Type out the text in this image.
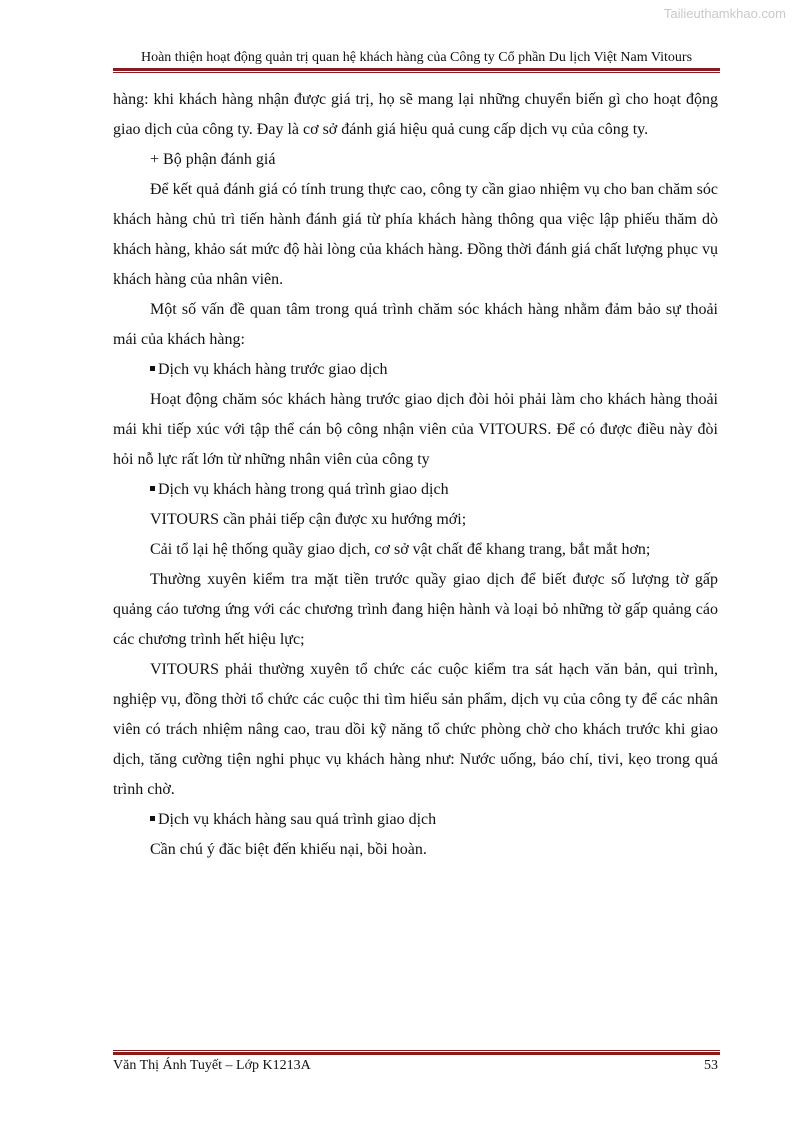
Tailieuthamkhao.com
Hoàn thiện hoạt động quản trị quan hệ khách hàng của Công ty Cổ phần Du lịch Việt Nam Vitours

hàng: khi khách hàng nhận được giá trị, họ sẽ mang lại những chuyển biến gì cho hoạt động giao dịch của công ty. Đay là cơ sở đánh giá hiệu quả cung cấp dịch vụ của công ty.

+ Bộ phận đánh giá

Để kết quả đánh giá có tính trung thực cao, công ty cần giao nhiệm vụ cho ban chăm sóc khách hàng chủ trì tiến hành đánh giá từ phía khách hàng thông qua việc lập phiếu thăm dò khách hàng, khảo sát mức độ hài lòng của khách hàng. Đồng thời đánh giá chất lượng phục vụ khách hàng của nhân viên.

Một số vấn đề quan tâm trong quá trình chăm sóc khách hàng nhằm đảm bảo sự thoải mái của khách hàng:

Dịch vụ khách hàng trước giao dịch

Hoạt động chăm sóc khách hàng trước giao dịch đòi hỏi phải làm cho khách hàng thoải mái khi tiếp xúc với tập thể cán bộ công nhận viên của VITOURS. Để có được điều này đòi hỏi nỗ lực rất lớn từ những nhân viên của công ty

Dịch vụ khách hàng trong quá trình giao dịch

VITOURS cần phải tiếp cận được xu hướng mới;

Cải tổ lại hệ thống quầy giao dịch, cơ sở vật chất để khang trang, bắt mắt hơn;

Thường xuyên kiểm tra mặt tiền trước quầy giao dịch để biết được số lượng tờ gấp quảng cáo tương ứng với các chương trình đang hiện hành và loại bỏ những tờ gấp quảng cáo các chương trình hết hiệu lực;

VITOURS phải thường xuyên tổ chức các cuộc kiểm tra sát hạch văn bản, qui trình, nghiệp vụ, đồng thời tổ chức các cuộc thi tìm hiểu sản phẩm, dịch vụ của công ty để các nhân viên có trách nhiệm nâng cao, trau dồi kỹ năng tổ chức phòng chờ cho khách trước khi giao dịch, tăng cường tiện nghi phục vụ khách hàng như: Nước uống, báo chí, tivi, kẹo trong quá trình chờ.

Dịch vụ khách hàng sau quá trình giao dịch

Cần chú ý đăc biệt đến khiếu nại, bồi hoàn.

Văn Thị Ánh Tuyết – Lớp K1213A	53
